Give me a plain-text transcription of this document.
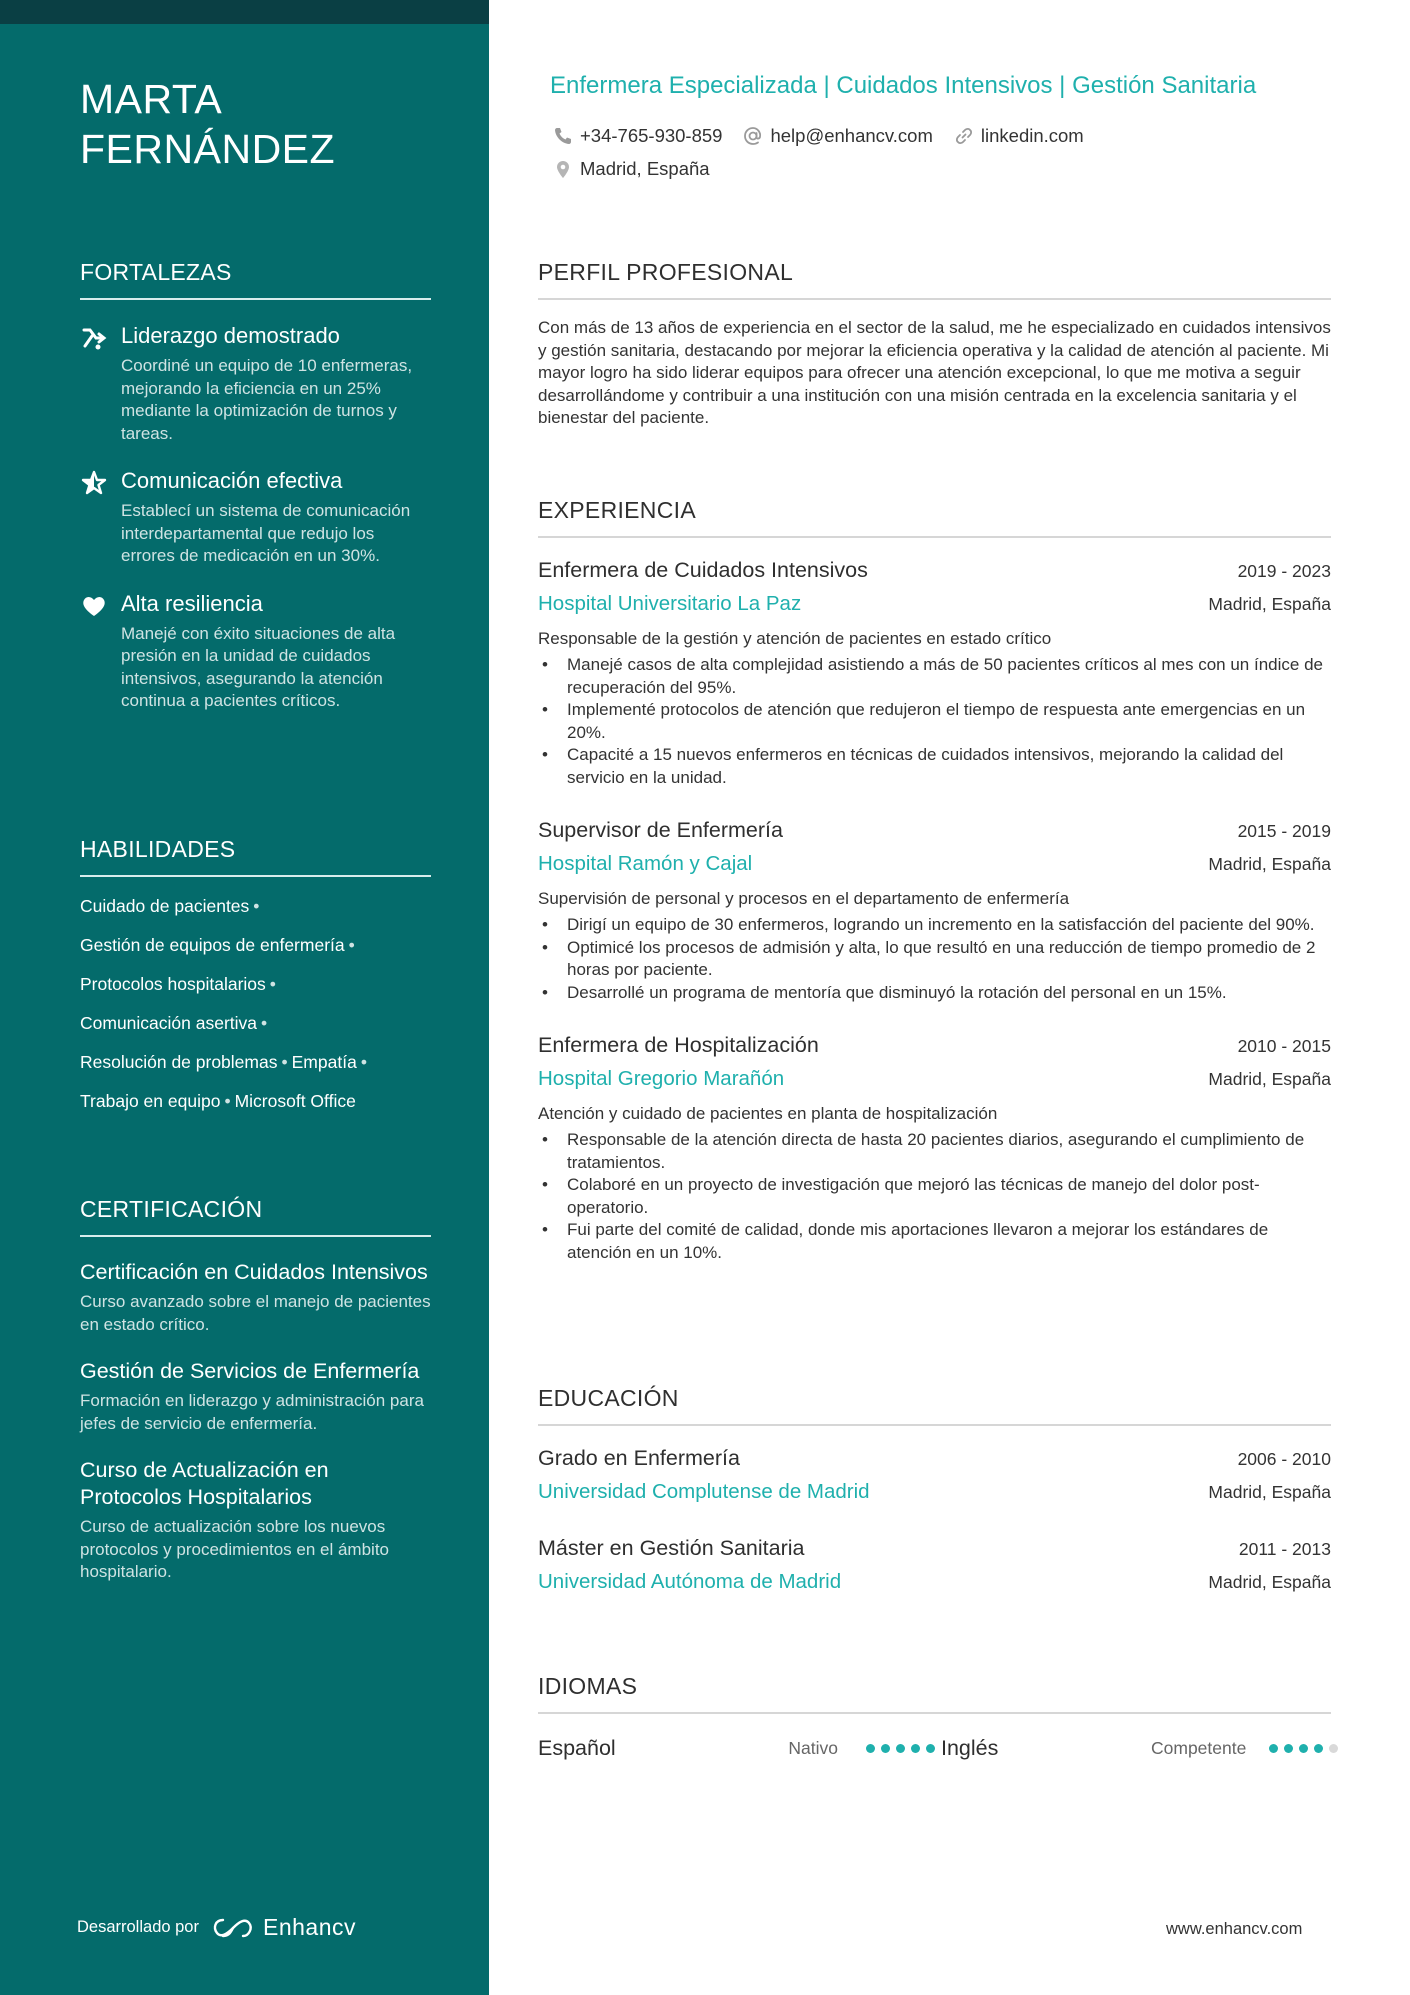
MARTA
FERNÁNDEZ
FORTALEZAS
Liderazgo demostrado
Coordiné un equipo de 10 enfermeras, mejorando la eficiencia en un 25% mediante la optimización de turnos y tareas.
Comunicación efectiva
Establecí un sistema de comunicación interdepartamental que redujo los errores de medicación en un 30%.
Alta resiliencia
Manejé con éxito situaciones de alta presión en la unidad de cuidados intensivos, asegurando la atención continua a pacientes críticos.
HABILIDADES
Cuidado de pacientes •
Gestión de equipos de enfermería •
Protocolos hospitalarios •
Comunicación asertiva •
Resolución de problemas • Empatía •
Trabajo en equipo • Microsoft Office
CERTIFICACIÓN
Certificación en Cuidados Intensivos
Curso avanzado sobre el manejo de pacientes en estado crítico.
Gestión de Servicios de Enfermería
Formación en liderazgo y administración para jefes de servicio de enfermería.
Curso de Actualización en Protocolos Hospitalarios
Curso de actualización sobre los nuevos protocolos y procedimientos en el ámbito hospitalario.
Desarrollado por	Enhancv
Enfermera Especializada | Cuidados Intensivos | Gestión Sanitaria
+34-765-930-859	help@enhancv.com	linkedin.com
Madrid, España
PERFIL PROFESIONAL

Con más de 13 años de experiencia en el sector de la salud, me he especializado en cuidados intensivos y gestión sanitaria, destacando por mejorar la eficiencia operativa y la calidad de atención al paciente. Mi mayor logro ha sido liderar equipos para ofrecer una atención excepcional, lo que me motiva a seguir desarrollándome y contribuir a una institución con una misión centrada en la excelencia sanitaria y el bienestar del paciente.

EXPERIENCIA
Enfermera de Cuidados Intensivos	2019 - 2023
Hospital Universitario La Paz	Madrid, España
Responsable de la gestión y atención de pacientes en estado crítico
• Manejé casos de alta complejidad asistiendo a más de 50 pacientes críticos al mes con un índice de recuperación del 95%.
• Implementé protocolos de atención que redujeron el tiempo de respuesta ante emergencias en un 20%.
• Capacité a 15 nuevos enfermeros en técnicas de cuidados intensivos, mejorando la calidad del servicio en la unidad.
Supervisor de Enfermería	2015 - 2019
Hospital Ramón y Cajal	Madrid, España
Supervisión de personal y procesos en el departamento de enfermería
• Dirigí un equipo de 30 enfermeros, logrando un incremento en la satisfacción del paciente del 90%.
• Optimicé los procesos de admisión y alta, lo que resultó en una reducción de tiempo promedio de 2 horas por paciente.
• Desarrollé un programa de mentoría que disminuyó la rotación del personal en un 15%.
Enfermera de Hospitalización	2010 - 2015
Hospital Gregorio Marañón	Madrid, España
Atención y cuidado de pacientes en planta de hospitalización
• Responsable de la atención directa de hasta 20 pacientes diarios, asegurando el cumplimiento de tratamientos.
• Colaboré en un proyecto de investigación que mejoró las técnicas de manejo del dolor post-operatorio.
• Fui parte del comité de calidad, donde mis aportaciones llevaron a mejorar los estándares de atención en un 10%.
EDUCACIÓN
Grado en Enfermería	2006 - 2010
Universidad Complutense de Madrid	Madrid, España
Máster en Gestión Sanitaria	2011 - 2013
Universidad Autónoma de Madrid	Madrid, España
IDIOMAS
Español	Nativo	Inglés	Competente
www.enhancv.com
